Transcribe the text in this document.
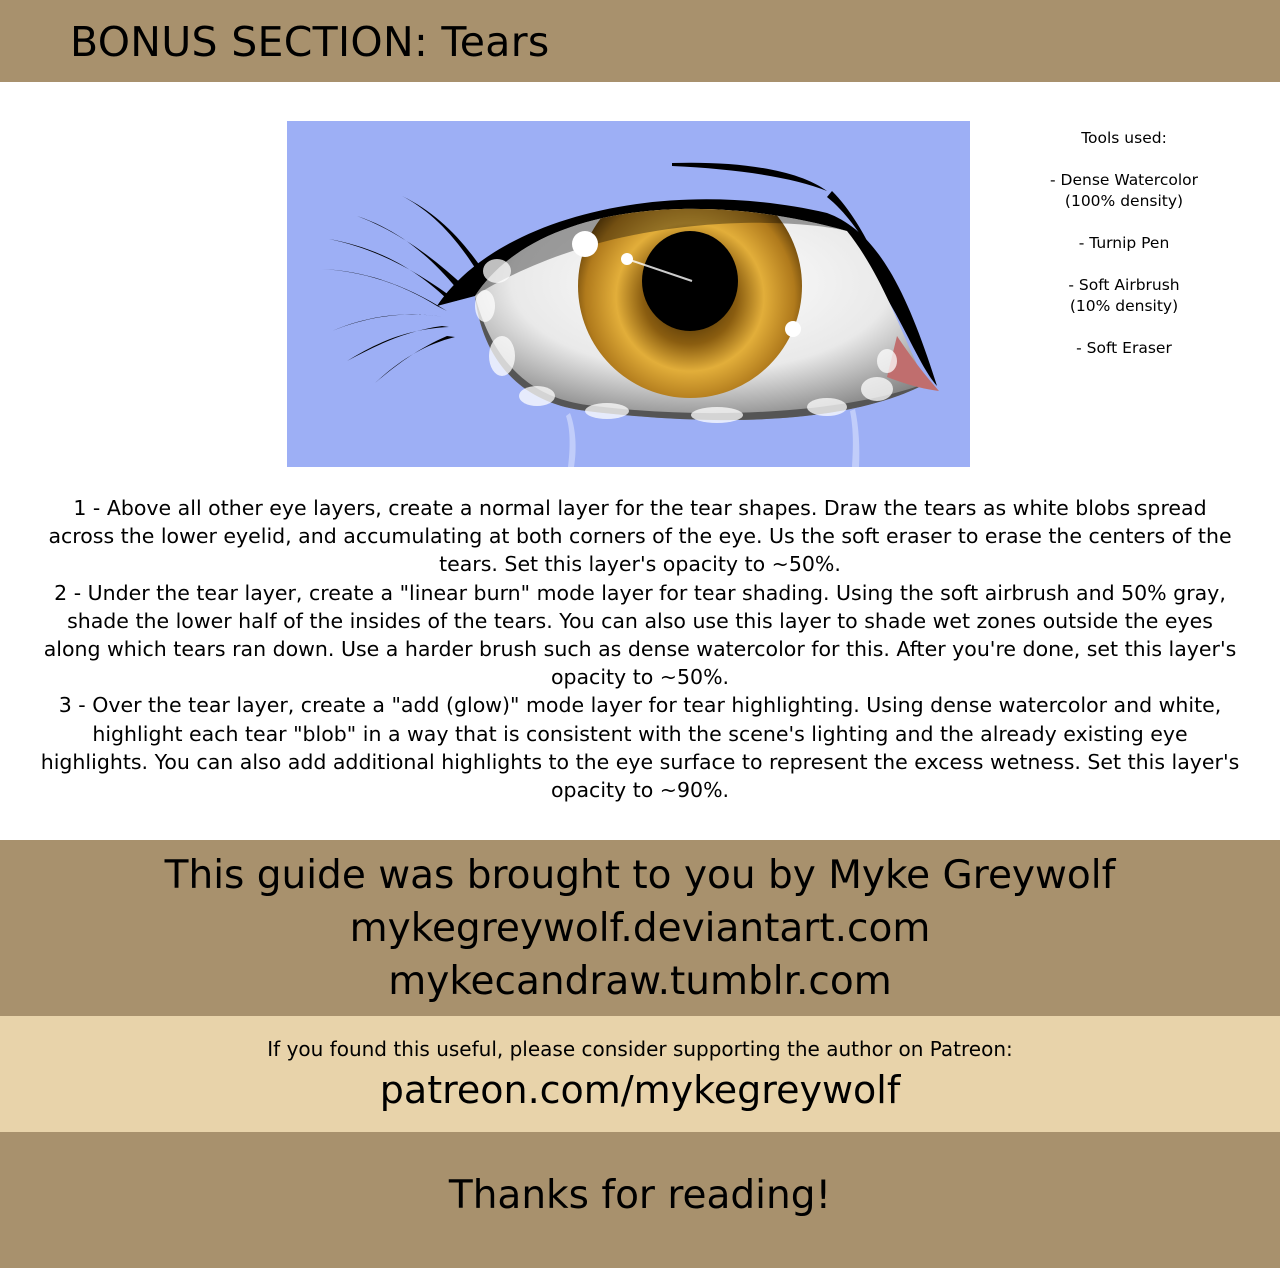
BONUS SECTION: Tears
Tools used:
- Dense Watercolor
(100% density)
- Turnip Pen
- Soft Airbrush
(10% density)
- Soft Eraser

1 - Above all other eye layers, create a normal layer for the tear shapes. Draw the tears as white blobs spread across the lower eyelid, and accumulating at both corners of the eye. Us the soft eraser to erase the centers of the tears. Set this layer's opacity to ~50%.

2 - Under the tear layer, create a "linear burn" mode layer for tear shading. Using the soft airbrush and 50% gray, shade the lower half of the insides of the tears. You can also use this layer to shade wet zones outside the eyes along which tears ran down. Use a harder brush such as dense watercolor for this. After you're done, set this layer's opacity to ~50%.

3 - Over the tear layer, create a "add (glow)" mode layer for tear highlighting. Using dense watercolor and white, highlight each tear "blob" in a way that is consistent with the scene's lighting and the already existing eye highlights. You can also add additional highlights to the eye surface to represent the excess wetness. Set this layer's opacity to ~90%.

This guide was brought to you by Myke Greywolf
mykegreywolf.deviantart.com
mykecandraw.tumblr.com
If you found this useful, please consider supporting the author on Patreon:
patreon.com/mykegreywolf
Thanks for reading!
